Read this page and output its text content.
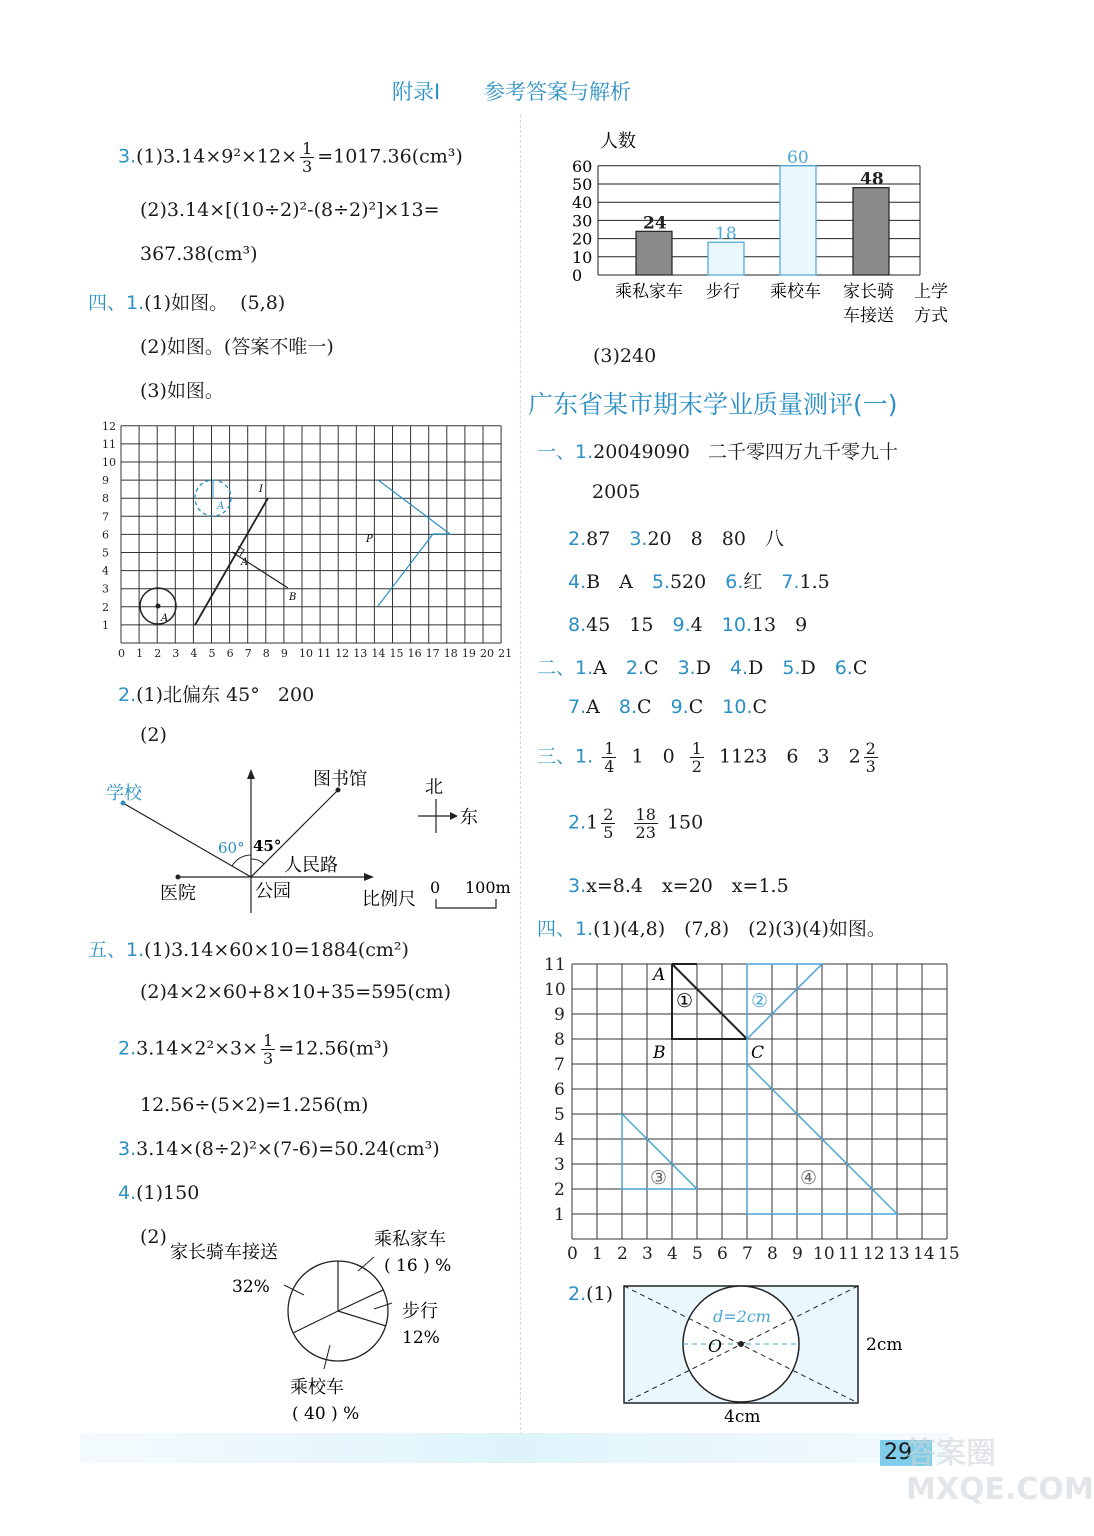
附录Ⅰ 参考答案与解析
$3.(1)3.14\times 9^2\times 12\times \frac{1}{3} =1017.36(cm^3)$
(2)3.14×[(10÷2)²-(8÷2)²]×13=
367.38(cm³)
四、1.(1)如图。 (5,8)
(2)如图。(答案不唯一)
(3)如图。
0 1 2 3 4 5 6 7 8 9 10 11 12 13 14 15 16 17 18 19 20 21
1
2
3
4
5
6
7
8
9
10
11
12
A
A
I
B
A
P
2.(1)北偏东 45° 200
(2)
学校
图书馆
医院	公园
人民路
60° 45°
北
东
比例尺
0 100m
五、1.(1)3.14×60×10=1884(cm²)
(2)4×2×60+8×10+35=595(cm)
$2.3.14\times 2^2\times 3\times \frac{1}{3} =12.56(m^3)$
12.56÷(5×2)=1.256(m)
3.3.14×(8÷2)²×(7-6)=50.24(cm³)
4.(1)150
(2)
家长骑车接送
32%
乘私家车
( 16 ) %
步行
12%
乘校车
( 40 ) %
人数
0
10
20
30
40
50
60
24
18
60
48
乘私家车 步行 乘校车 家长骑
车接送
上学
方式
(3)240
广东省某市期末学业质量测评(一)
一、1.20049090 二千零四万九千零九十
2005
2.87  3.20　8　80　八
4.B　A  5.520  6.红  7.1.5
8.45　15  9.4  10.13　9
二、1.A  2.C  3.D  4.D  5.D  6.C
7.A  8.C  9.C  10.C
三、1. $\frac{1}{4} 1$　$0 \frac{1}{2} 1123$　6　3　$2 \frac{2}{3}$
$2.1 \frac{2}{5}$
$\frac{18}{23} 150$
3.x=8.4　x=20　x=1.5
四、1.(1)(4,8)　(7,8)　(2)(3)(4)如图。
0 1 2 3 4 5 6 7 8 9 10 11 12 13 14 15
1
2
3
4
5
6
7
8
9
10
11	A
B	C
①	②
③	④
2.(1)
d=2cm
O	2cm
4cm
29
答案圈 MXQE.COM
